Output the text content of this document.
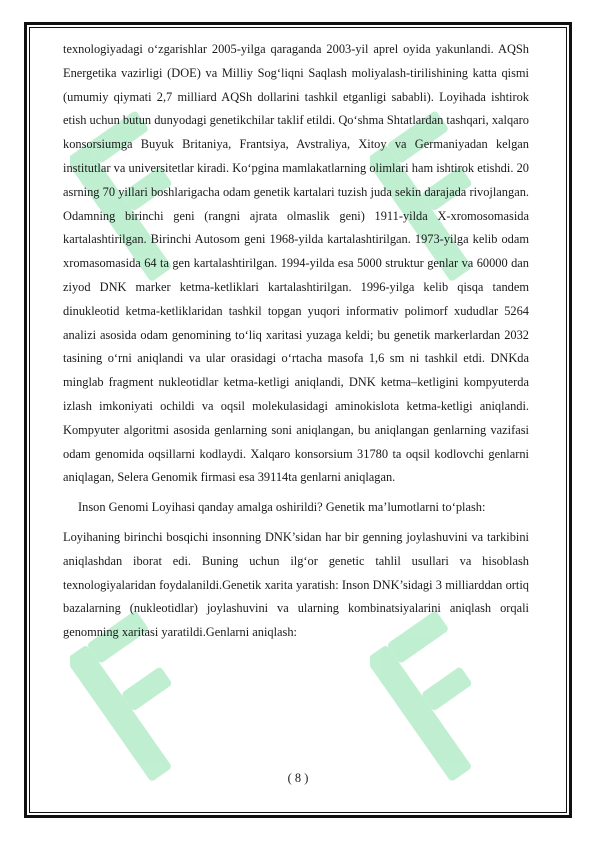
texnologiyadagi o‘zgarishlar 2005-yilga qaraganda 2003-yil aprel oyida yakunlandi. AQSh Energetika vazirligi (DOE) va Milliy Sog‘liqni Saqlash moliyalash-tirilishining katta qismi (umumiy qiymati 2,7 milliard AQSh dollarini tashkil etganligi sababli). Loyihada ishtirok etish uchun butun dunyodagi genetikchilar taklif etildi. Qo‘shma Shtatlardan tashqari, xalqaro konsorsiumga Buyuk Britaniya, Frantsiya, Avstraliya, Xitoy va Germaniyadan kelgan institutlar va universitetlar kiradi. Ko‘pgina mamlakatlarning olimlari ham ishtirok etishdi. 20 asrning 70 yillari boshlarigacha odam genetik kartalari tuzish juda sekin darajada rivojlangan. Odamning birinchi geni (rangni ajrata olmaslik geni) 1911-yilda X-xromosomasida kartalashtirilgan. Birinchi Autosom geni 1968-yilda kartalashtirilgan. 1973-yilga kelib odam xromasomasida 64 ta gen kartalashtirilgan. 1994-yilda esa 5000 struktur genlar va 60000 dan ziyod DNK marker ketma-ketliklari kartalashtirilgan. 1996-yilga kelib qisqa tandem dinukleotid ketma-ketliklaridan tashkil topgan yuqori informativ polimorf xududlar 5264 analizi asosida odam genomining to‘liq xaritasi yuzaga keldi; bu genetik markerlardan 2032 tasining o‘rni aniqlandi va ular orasidagi o‘rtacha masofa 1,6 sm ni tashkil etdi. DNKda minglab fragment nukleotidlar ketma-ketligi aniqlandi, DNK ketma–ketligini kompyuterda izlash imkoniyati ochildi va oqsil molekulasidagi aminokislota ketma-ketligi aniqlandi. Kompyuter algoritmi asosida genlarning soni aniqlangan, bu aniqlangan genlarning vazifasi odam genomida oqsillarni kodlaydi. Xalqaro konsorsium 31780 ta oqsil kodlovchi genlarni aniqlagan, Selera Genomik firmasi esa 39114ta genlarni aniqlagan.

Inson Genomi Loyihasi qanday amalga oshirildi? Genetik ma’lumotlarni to‘plash:

Loyihaning birinchi bosqichi insonning DNK’sidan har bir genning joylashuvini va tarkibini aniqlashdan iborat edi. Buning uchun ilg‘or genetic tahlil usullari va hisoblash texnologiyalaridan foydalanildi.Genetik xarita yaratish: Inson DNK’sidagi 3 milliarddan ortiq bazalarning (nukleotidlar) joylashuvini va ularning kombinatsiyalarini aniqlash orqali genomning xaritasi yaratildi.Genlarni aniqlash:

( 8 )
